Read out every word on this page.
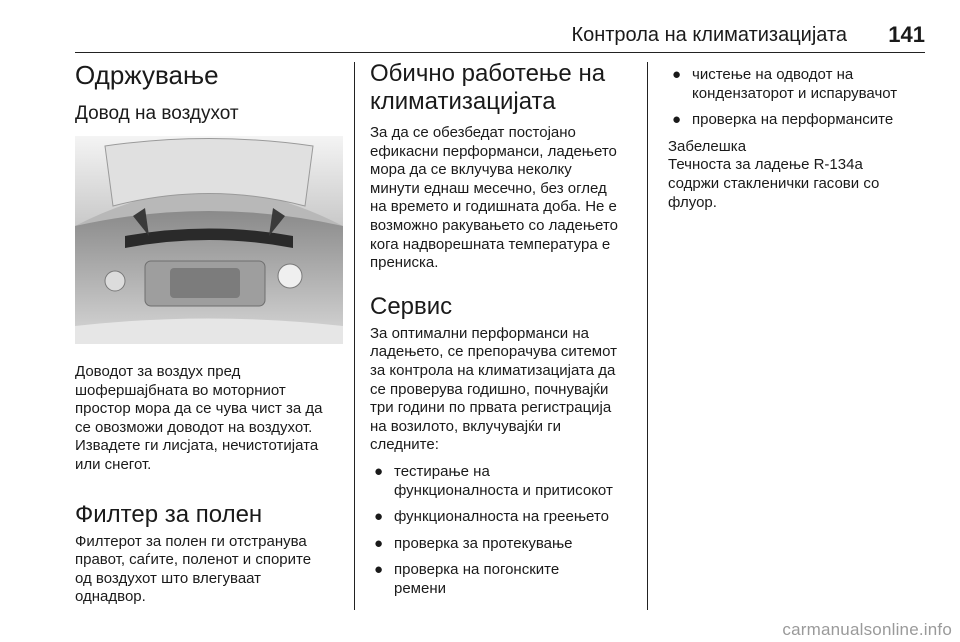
Контрола на климатизацијата 141
Одржување
Довод на воздухот

Доводот за воздух пред

шофершајбната во моторниот

простор мора да се чува чист за да

се овозможи доводот на воздухот.

Извадете ги лисјата, нечистотијата

или снегот.

Филтер за полен

Филтерот за полен ги отстранува

правот, саѓите, поленот и спорите

од воздухот што влегуваат

однадвор.

Обично работење на
климатизацијата

За да се обезбедат постојано

ефикасни перформанси, ладењето

мора да се вклучува неколку

минути еднаш месечно, без оглед

на времето и годишната доба. Не е

возможно ракувањето со ладењето

кога надворешната температура е

прениска.

Сервис

За оптимални перформанси на

ладењето, се препорачува ситемот

за контрола на климатизацијата да

се проверува годишно, почнувајќи

три години по првата регистрација

на возилото, вклучувајќи ги

следните:

● тестирање на
функционалноста и притисокот
● функционалноста на греењето
● проверка за протекување
● проверка на погонските
ремени
● чистење на одводот на
кондензаторот и испарувачот
● проверка на перформансите
Забелешка

Течноста за ладење R-134a

содржи стакленички гасови со

флуор.

carmanualsonline.info
